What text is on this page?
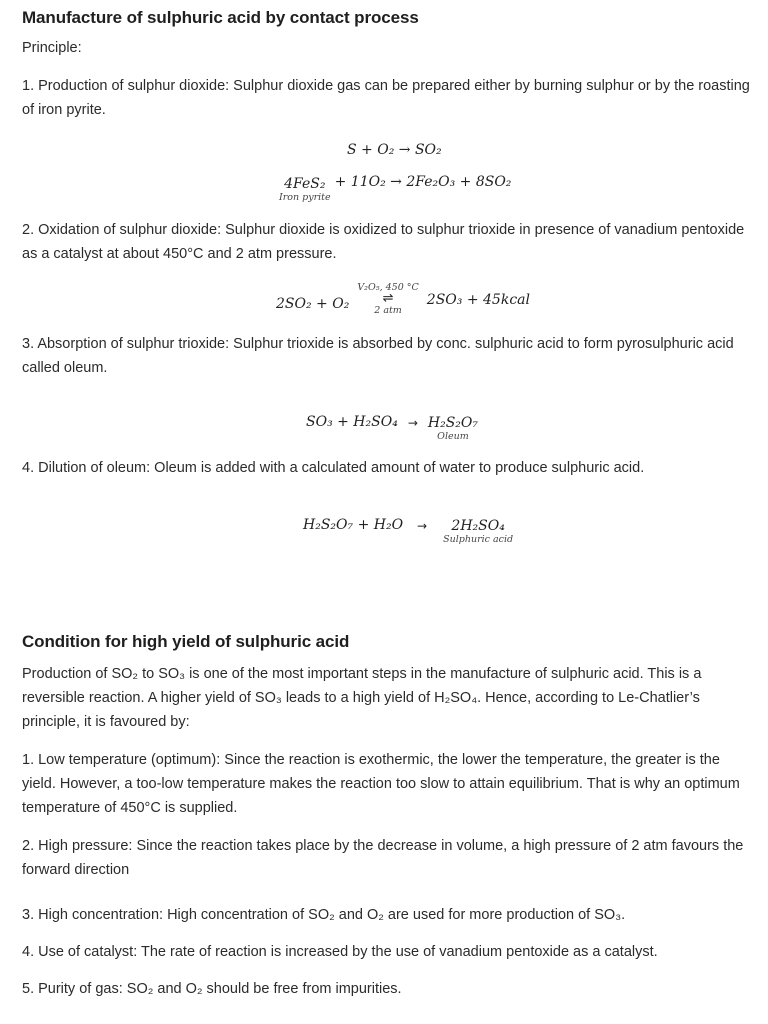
Manufacture of sulphuric acid by contact process
Principle:
1. Production of sulphur dioxide: Sulphur dioxide gas can be prepared either by burning sulphur or by the roasting of iron pyrite.
S + O₂ → SO₂
4FeS₂
Iron pyrite
+ 11O₂ → 2Fe₂O₃ + 8SO₂
2. Oxidation of sulphur dioxide: Sulphur dioxide is oxidized to sulphur trioxide in presence of vanadium pentoxide as a catalyst at about 450°C and 2 atm pressure.
2SO₂ + O₂
V₂O₅, 450 °C
⇌
2 atm
2SO₃ + 45kcal
3. Absorption of sulphur trioxide: Sulphur trioxide is absorbed by conc. sulphuric acid to form pyrosulphuric acid called oleum.
SO₃ + H₂SO₄ → H₂S₂O₇
Oleum
4. Dilution of oleum: Oleum is added with a calculated amount of water to produce sulphuric acid.
H₂S₂O₇ + H₂O → 2H₂SO₄
Sulphuric acid
Condition for high yield of sulphuric acid
Production of SO₂ to SO₃ is one of the most important steps in the manufacture of sulphuric acid. This is a reversible reaction. A higher yield of SO₃ leads to a high yield of H₂SO₄. Hence, according to Le-Chatlier’s principle, it is favoured by:
1. Low temperature (optimum): Since the reaction is exothermic, the lower the temperature, the greater is the yield. However, a too-low temperature makes the reaction too slow to attain equilibrium. That is why an optimum temperature of 450°C is supplied.
2. High pressure: Since the reaction takes place by the decrease in volume, a high pressure of 2 atm favours the forward direction
3. High concentration: High concentration of SO₂ and O₂ are used for more production of SO₃.
4. Use of catalyst: The rate of reaction is increased by the use of vanadium pentoxide as a catalyst.
5. Purity of gas: SO₂ and O₂ should be free from impurities.
